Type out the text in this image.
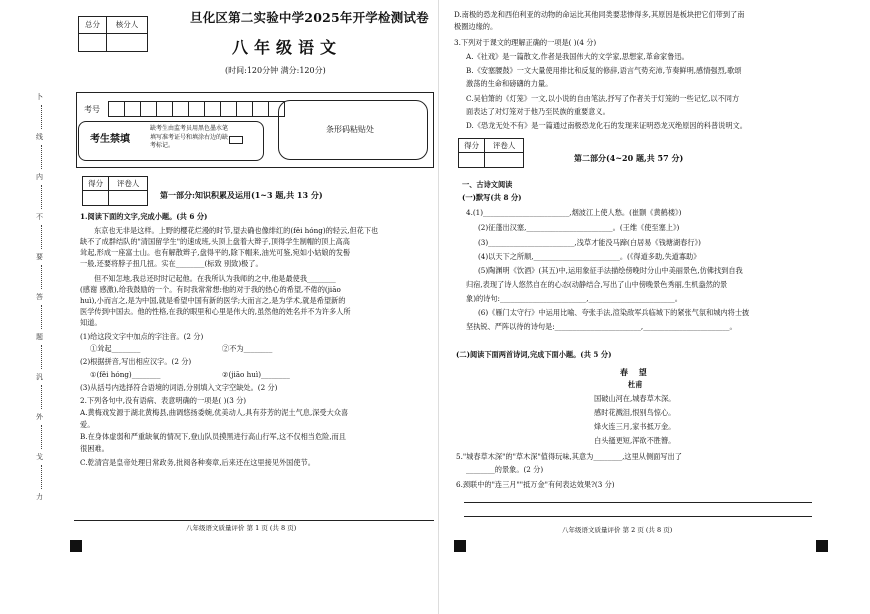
总分	核分人
		旦化区第二实验中学2025年开学检测试卷
八年级语文
(时间:120分钟 满分:120分)
考号
考生禁填
缺考生由监考员用黑色墨水笔
填写准考证号和填涂右边的缺
考标记。
条形码粘贴处
得分	评卷人

第一部分:知识积累及运用(1~3 题,共 13 分)
1.阅读下面的文字,完成小题。(共 6 分)
东京也无非是这样。上野的樱花烂漫的时节,望去确也像绯红的(fěi hóng)的轻云,但花下也
缺不了成群结队的"清国留学生"的速成班,头顶上盘着大辫子,顶得学生制帽的顶上高高
耸起,形成一座富士山。也有解散辫子,盘得平的,除下帽来,油光可鉴,宛如小姑娘的发髻
一般,还要将脖子扭几扭。实在________(标致 别致)极了。
但不知怎地,我总还时时记起他。在我所认为我师的之中,他是最使我________
(感谢 感激),给我鼓励的一个。有时我常常想:他的对于我的热心的希望,不倦的(jiāo
huì),小而言之,是为中国,就是希望中国有新的医学;大而言之,是为学术,就是希望新的
医学传到中国去。他的性格,在我的眼里和心里是伟大的,虽然他的姓名并不为许多人所
知道。
(1)给这段文字中加点的字注音。(2 分)
①耸起________	②不为________
(2)根据拼音,写出相应汉字。(2 分)
①(fěi hóng)________	②(jiāo huì)________
(3)从括号内选择符合语境的词语,分别填入文字空缺处。(2 分)
2.下列各句中,没有语病、表意明确的一项是( )(3 分)
A.黄梅戏发源于湖北黄梅县,曲调悠扬委婉,优美动人,具有芬芳的泥土气息,深受大众喜
爱。
B.在身体虚弱和严重缺氧的情况下,登山队员摸黑进行高山行军,这不仅相当危险,而且
很困难。
C.乾清宫是皇帝处理日常政务,批阅各种奏章,后来还在这里接见外国使节。
八年级语文质量评价 第 1 页 (共 8 页)
卜
线
内
不
要
答
题
汎
外
戈
力
D.南极的恐龙和西伯利亚的动物的命运比其他同类要悲惨得多,其原因是板块把它们带到了南
极圈边缘的。
3.下列对于课文的理解正确的一项是( )(4 分)
A.《社戏》是一篇散文,作者是我国伟大的文学家,思想家,革命家鲁迅。
B.《安塞腰鼓》一文大量使用排比和反复的修辞,语言气势充沛,节奏鲜明,感情强烈,歌颂
激荡的生命和磅礴的力量。
C.吴伯箫的《灯笼》一文,以小说的自由笔法,抒写了作者关于灯笼的一些记忆,以不同方
面表达了对灯笼对于他乃至民族的重要意义。
D.《恐龙无处不有》是一篇通过南极恐龙化石的发现来证明恐龙灭绝原因的科普说明文。
得分	评卷人

第二部分(4~20 题,共 57 分)
一、古诗文阅读
(一)默写(共 8 分)
4.(1)________________________,烟波江上使人愁。(崔颢《黄鹤楼》)
(2)征蓬出汉塞,________________________。(王维《使至塞上》)
(3)________________________,浅草才能没马蹄(白居易《钱塘湖春行》)
(4)以天下之所顺,________________________。(《得道多助,失道寡助》
(5)陶渊明《饮酒》(其五)中,运用象征手法描绘傍晚时分山中美丽景色,仿佛找到自我
归宿,表现了诗人悠然自在的心态(动静结合,写出了山中傍晚景色秀丽,生机盎然的景
象)的诗句:________________________,________________________。
(6)《雁门太守行》中运用比喻、夸张手法,渲染敌军兵临城下的紧张气氛和城内将士披
坚执锐、严阵以待的诗句是:________________________,________________________。
(二)阅读下面两首诗词,完成下面小题。(共 5 分)
春 望
杜甫
国破山河在,城春草木深。
感时花溅泪,恨别鸟惊心。
烽火连三月,家书抵万金。
白头搔更短,浑欲不胜簪。
5."城春草木深"的"草木深"值得玩味,其意为________,这里从侧面写出了
________的景象。(2 分)
6.颈联中的"连三月""抵万金"有何表达效果?(3 分)
八年级语文质量评价 第 2 页 (共 8 页)
